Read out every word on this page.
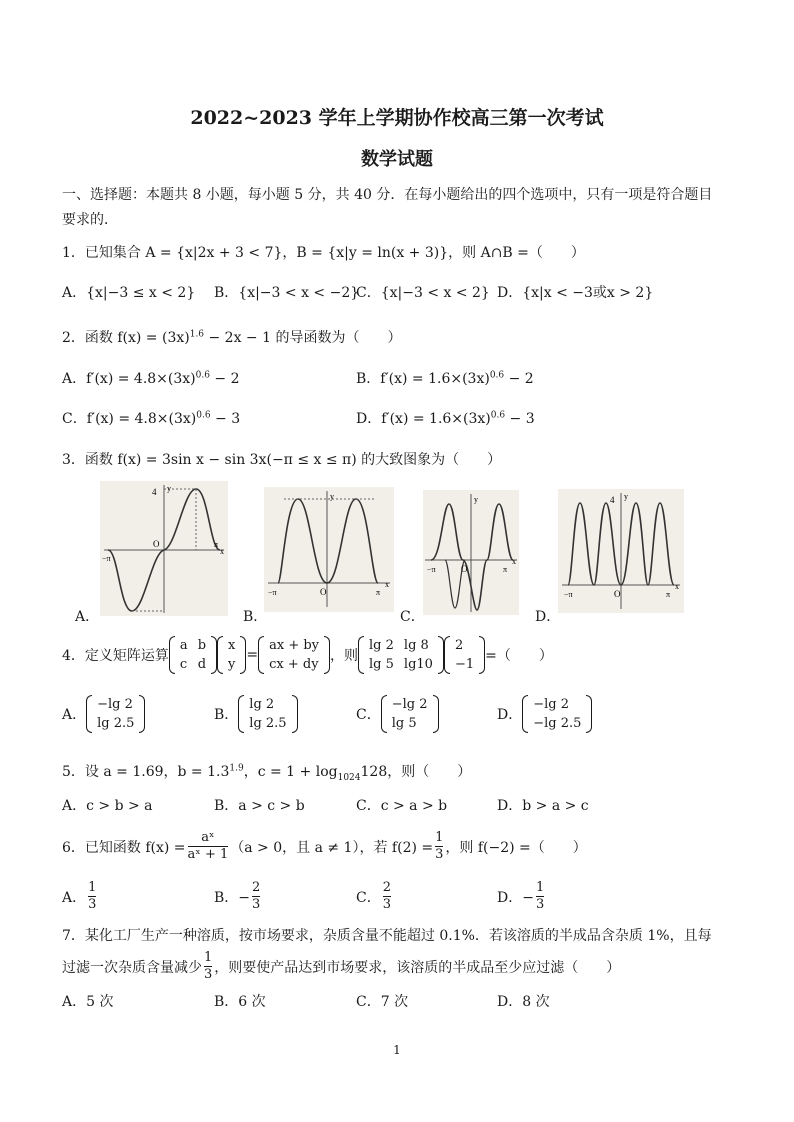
2022~2023 学年上学期协作校高三第一次考试
数学试题
一、选择题：本题共 8 小题，每小题 5 分，共 40 分．在每小题给出的四个选项中，只有一项是符合题目
要求的．
1．已知集合 A = {x|2x + 3 < 7}，B = {x|y = ln(x + 3)}，则 A∩B =（　　）
A．{x|−3 ≤ x < 2} B．{x|−3 < x < −2}
C．{x|−3 < x < 2} D．{x|x < −3或x > 2}
2．函数 $f(x) = (3x)^{1.6} - 2x - 1$ 的导函数为（　　）
A．$f'(x) = 4.8\times(3x)^{0.6} - 2$	B．$f'(x) = 1.6\times(3x)^{0.6} - 2$
C．$f'(x) = 4.8\times(3x)^{0.6} - 3$	D．$f'(x) = 1.6\times(3x)^{0.6} - 3$
3．函数 f(x) = 3sin x − sin 3x(−π ≤ x ≤ π) 的大致图象为（　　）
4 y
O
−π
π
x
A．
y
O
−π	π
x
B．
y
O
−π	π
x
C．
4 y
O
−π	π
x
D．
4．定义矩阵运算
a	b
c	d
x
y
=
ax + by
cx + dy
，则
lg 2	lg 8
lg 5	lg10
2
−1
=（　　）
A．
−lg 2
lg 2.5
B．
lg 2
lg 2.5
C．
−lg 2
lg 5
D．
−lg 2
−lg 2.5
5．设 a = 1.69，$b = 1.3^{1.9}$，$c = 1 + \log_{1024}128$，则（　　）
A．c > b > a	B．a > c > b	C．c > a > b	D．b > a > c
6．已知函数 $f(x) = \frac{\text{aˣ}}{\text{aˣ + 1}} (a > 0$，且 a ≠ 1），若 $f(2) = \frac{1}{3}$ ，则 f(−2) =（　　）
A． $\frac{1}{3}$	B．− $\frac{2}{3}$	C． $\frac{2}{3}$	D．− $\frac{1}{3}$
7．某化工厂生产一种溶质，按市场要求，杂质含量不能超过 0.1%．若该溶质的半成品含杂质 1%，且每
过滤一次杂质含量减少 $\frac{1}{3}$ ，则要使产品达到市场要求，该溶质的半成品至少应过滤（　　）
A．5 次	B．6 次	C．7 次	D．8 次
1
